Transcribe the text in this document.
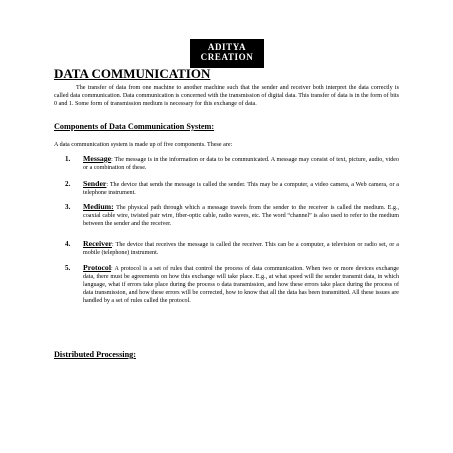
ADITYA
CREATION
DATA COMMUNICATION

The transfer of data from one machine to another machine such that the sender and receiver both interpret the data correctly is called data communication. Data communication is concerned with the transmission of digital data. This transfer of data is in the form of bits 0 and 1. Some form of transmission medium is necessary for this exchange of data.

Components of Data Communication System:

A data communication system is made up of five components. These are:

1. Message: The message is in the information or data to be communicated. A message may consist of text, picture, audio, video or a combination of these.
2. Sender: The device that sends the message is called the sender. This may be a computer, a video camera, a Web camera, or a telephone instrument.
3. Medium: The physical path through which a message travels from the sender to the receiver is called the medium. E.g., coaxial cable wire, twisted pair wire, fiber-optic cable, radio waves, etc. The word “channel” is also used to refer to the medium between the sender and the receiver.
4. Receiver: The device that receives the message is called the receiver. This can be a computer, a television or radio set, or a mobile (telephone) instrument.
5. Protocol: A protocol is a set of rules that control the process of data communication. When two or more devices exchange data, there must be agreements on how this exchange will take place. E.g., at what speed will the sender transmit data, in which language, what if errors take place during the process o data transmission, and how these errors take place during the process of data transmission, and how these errors will be corrected, how to know that all the data has been transmitted. All these issues are handled by a set of rules called the protocol.
Distributed Processing:
